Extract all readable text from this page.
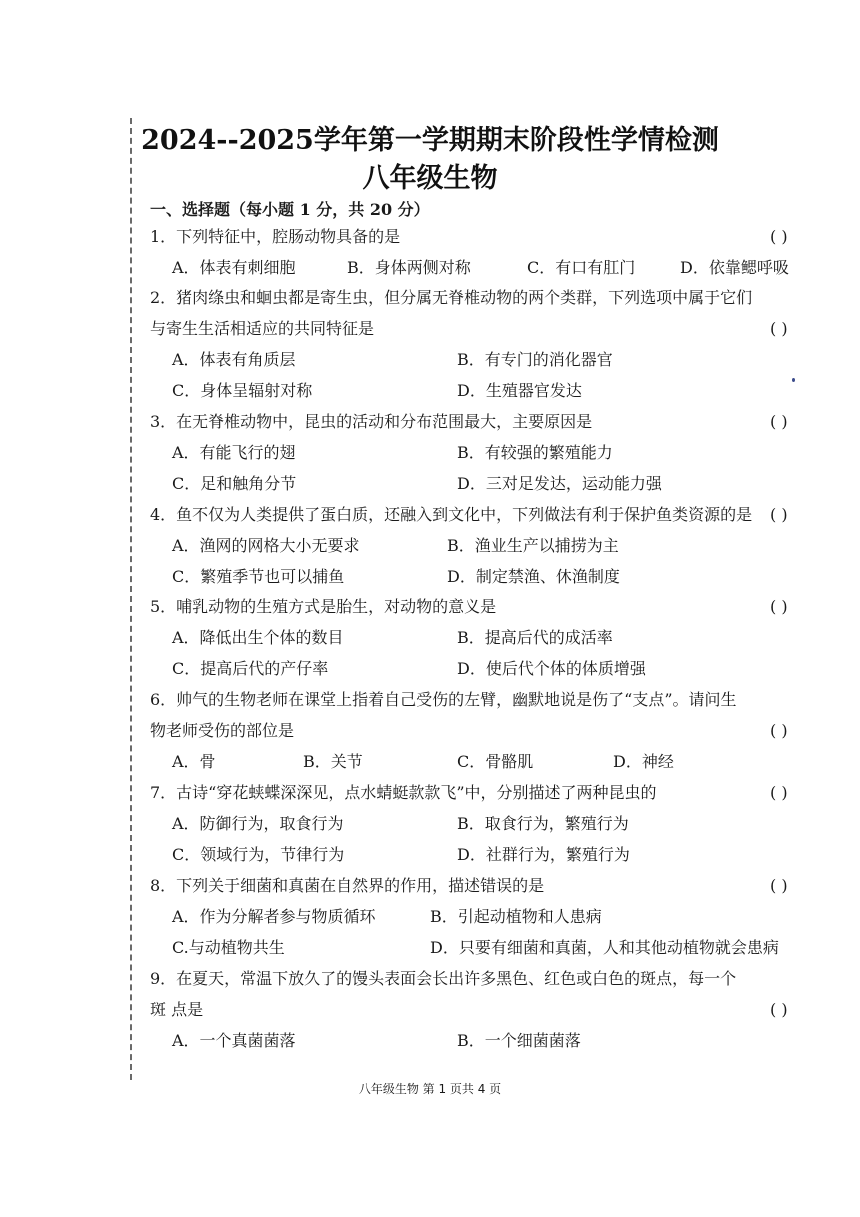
2024--2025学年第一学期期末阶段性学情检测
八年级生物
一、选择题（每小题 1 分，共 20 分）
1．下列特征中，腔肠动物具备的是	( )
A．体表有刺细胞	B．身体两侧对称	C．有口有肛门	D．依靠鳃呼吸
2．猪肉绦虫和蛔虫都是寄生虫，但分属无脊椎动物的两个类群，下列选项中属于它们
与寄生生活相适应的共同特征是	( )
A．体表有角质层	B．有专门的消化器官
C．身体呈辐射对称	D．生殖器官发达
3．在无脊椎动物中，昆虫的活动和分布范围最大，主要原因是	( )
A．有能飞行的翅	B．有较强的繁殖能力
C．足和触角分节	D．三对足发达，运动能力强
4．鱼不仅为人类提供了蛋白质，还融入到文化中，下列做法有利于保护鱼类资源的是 ( )
A．渔网的网格大小无要求	B．渔业生产以捕捞为主
C．繁殖季节也可以捕鱼	D．制定禁渔、休渔制度
5．哺乳动物的生殖方式是胎生，对动物的意义是	( )
A．降低出生个体的数目	B．提高后代的成活率
C．提高后代的产仔率	D．使后代个体的体质增强
6．帅气的生物老师在课堂上指着自己受伤的左臂，幽默地说是伤了“支点”。请问生
物老师受伤的部位是	( )
A．骨	B．关节	C．骨骼肌	D．神经
7．古诗“穿花蛱蝶深深见，点水蜻蜓款款飞”中，分别描述了两种昆虫的	( )
A．防御行为，取食行为	B．取食行为，繁殖行为
C．领域行为，节律行为	D．社群行为，繁殖行为
8．下列关于细菌和真菌在自然界的作用，描述错误的是	( )
A．作为分解者参与物质循环	B．引起动植物和人患病
C.与动植物共生	D．只要有细菌和真菌，人和其他动植物就会患病
9．在夏天，常温下放久了的馒头表面会长出许多黑色、红色或白色的斑点，每一个
斑 点是	( )
A．一个真菌菌落	B．一个细菌菌落
八年级生物 第 1 页共 4 页
